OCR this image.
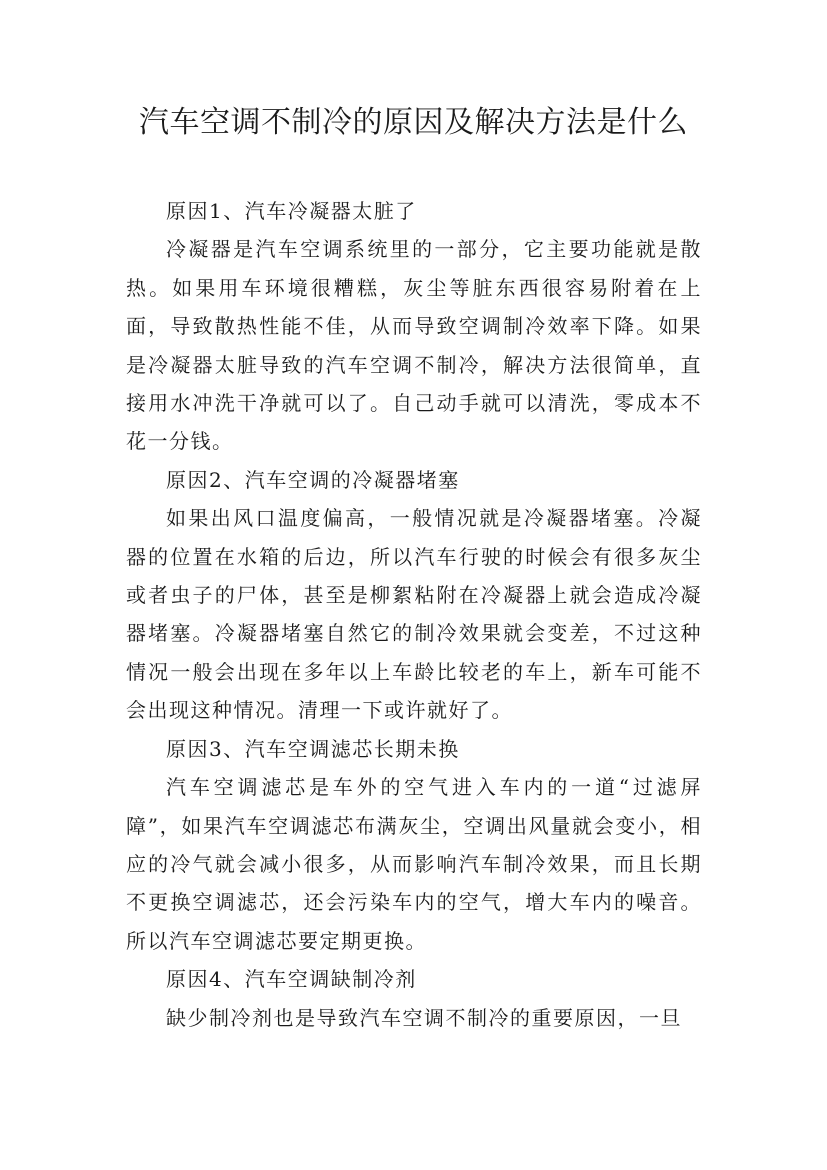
汽车空调不制冷的原因及解决方法是什么

原因1、汽车冷凝器太脏了

冷凝器是汽车空调系统里的一部分，它主要功能就是散热。如果用车环境很糟糕，灰尘等脏东西很容易附着在上面，导致散热性能不佳，从而导致空调制冷效率下降。如果是冷凝器太脏导致的汽车空调不制冷，解决方法很简单，直接用水冲洗干净就可以了。自己动手就可以清洗，零成本不花一分钱。

原因2、汽车空调的冷凝器堵塞

如果出风口温度偏高，一般情况就是冷凝器堵塞。冷凝器的位置在水箱的后边，所以汽车行驶的时候会有很多灰尘或者虫子的尸体，甚至是柳絮粘附在冷凝器上就会造成冷凝器堵塞。冷凝器堵塞自然它的制冷效果就会变差，不过这种情况一般会出现在多年以上车龄比较老的车上，新车可能不会出现这种情况。清理一下或许就好了。

原因3、汽车空调滤芯长期未换

汽车空调滤芯是车外的空气进入车内的一道“过滤屏障”，如果汽车空调滤芯布满灰尘，空调出风量就会变小，相应的冷气就会减小很多，从而影响汽车制冷效果，而且长期不更换空调滤芯，还会污染车内的空气，增大车内的噪音。所以汽车空调滤芯要定期更换。

原因4、汽车空调缺制冷剂

缺少制冷剂也是导致汽车空调不制冷的重要原因，一旦
